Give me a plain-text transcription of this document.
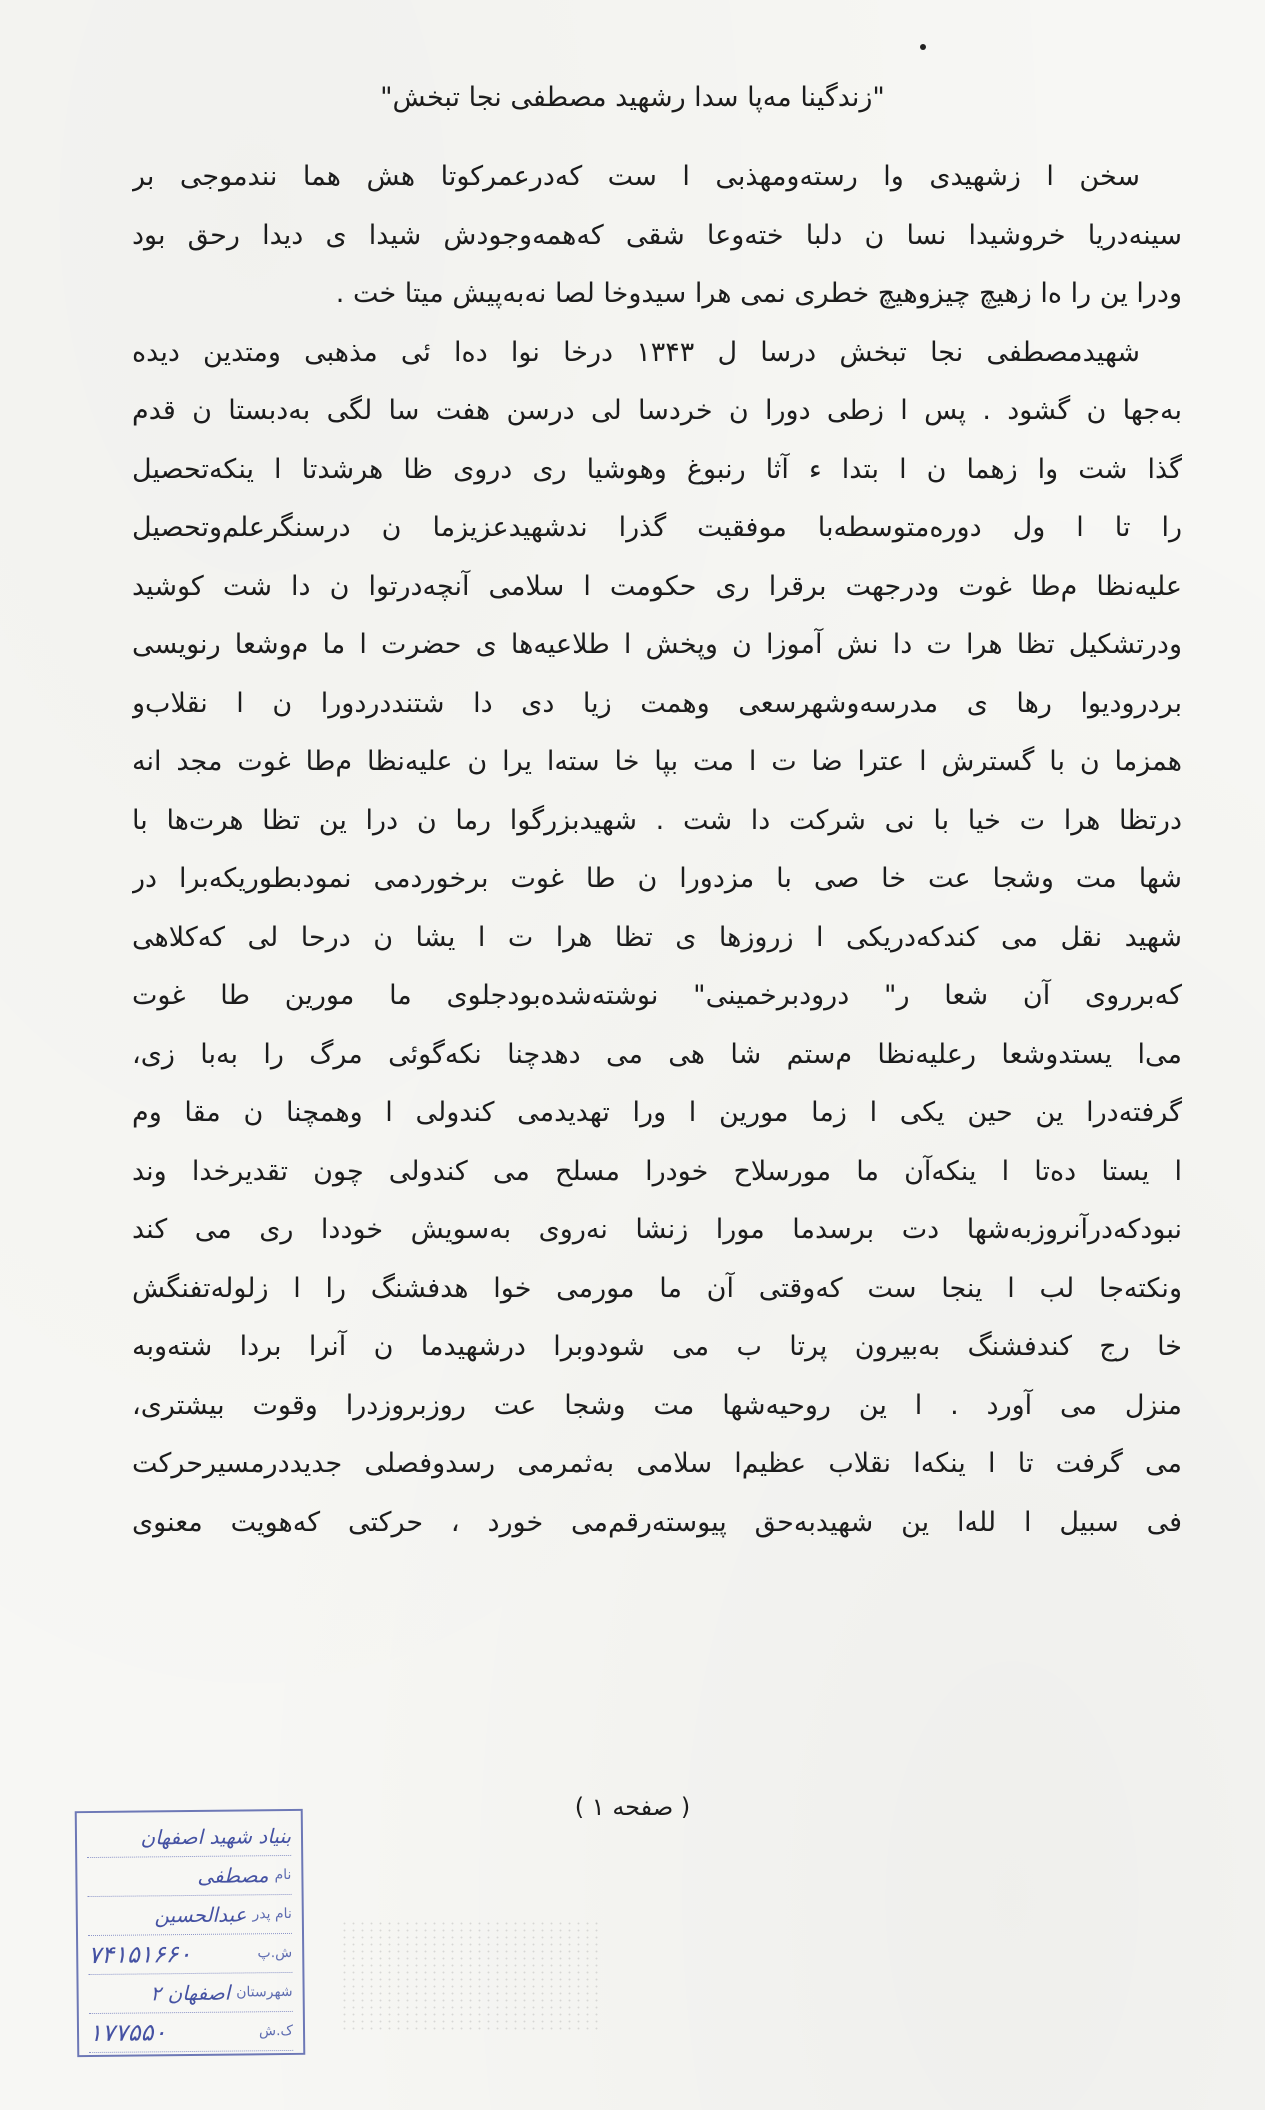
"زندگینا مه‌پا سدا رشهید مصطفی نجا تبخش"
سخن ا زشهیدی وا رسته‌ومهذبی ا ست که‌درعمرکوتا هش هما نندموجی بر
سینه‌دریا خروشیدا نسا ن دلبا خته‌وعا شقی که‌همه‌وجودش شیدا ی دیدا رحق بود
ودرا ین را ه‌ا زهیچ چیزوهیچ خطری نمی هرا سیدوخا لصا نه‌به‌پیش میتا خت .
شهیدمصطفی نجا تبخش درسا ل ۱۳۴۳ درخا نوا ده‌ا ئی مذهبی ومتدین دیده
به‌جها ن گشود . پس ا زطی دورا ن خردسا لی درسن هفت سا لگی به‌دبستا ن قدم
گذا شت وا زهما ن ا بتدا ء آثا رنبوغ وهوشیا ری دروی ظا هرشدتا ا ینکه‌تحصیل
را تا ا ول دوره‌متوسطه‌با موفقیت گذرا ندشهیدعزیزما ن درسنگرعلم‌وتحصیل
علیه‌نظا م‌طا غوت ودرجهت برقرا ری حکومت ا سلامی آنچه‌درتوا ن دا شت کوشید
ودرتشکیل تظا هرا ت دا نش آموزا ن وپخش ا طلاعیه‌ها ی حضرت ا ما م‌وشعا رنویسی
بردرودیوا رها ی مدرسه‌وشهرسعی وهمت زیا دی دا شتنددردورا ن ا نقلاب‌و
همزما ن با گسترش ا عترا ضا ت ا مت بپا خا سته‌ا یرا ن علیه‌نظا م‌طا غوت مجد انه
درتظا هرا ت خیا با نی شرکت دا شت . شهیدبزرگوا رما ن درا ین تظا هرت‌ها با
شها مت وشجا عت خا صی با مزدورا ن طا غوت برخوردمی نمودبطوریکه‌برا در
شهید نقل می کندکه‌دریکی ا زروزها ی تظا هرا ت ا یشا ن درحا لی که‌کلاهی
که‌برروی آن شعا ر" درودبرخمینی" نوشته‌شده‌بودجلوی ما مورین طا غوت
می‌ا یستدوشعا رعلیه‌نظا م‌ستم شا هی می دهدچنا نکه‌گوئی مرگ را به‌با زی،
گرفته‌درا ین حین یکی ا زما مورین ا ورا تهدیدمی کندولی ا وهمچنا ن مقا وم
ا یستا ده‌تا ا ینکه‌آن ما مورسلاح خودرا مسلح می کندولی چون تقدیرخدا وند
نبودکه‌درآنروزبه‌شها دت برسدما مورا زنشا نه‌روی به‌سویش خوددا ری می کند
ونکته‌جا لب ا ینجا ست که‌وقتی آن ما مورمی خوا هدفشنگ را ا زلوله‌تفنگش
خا رج کندفشنگ به‌بیرون پرتا ب می شودوبرا درشهیدما ن آنرا بردا شته‌وبه
منزل می آورد . ا ین روحیه‌شها مت وشجا عت روزبروزدرا وقوت بیشتری،
می گرفت تا ا ینکه‌ا نقلاب عظیم‌ا سلامی به‌ثمرمی رسدوفصلی جدیددرمسیرحرکت
فی سبیل ا لله‌ا ین شهیدبه‌حق پیوسته‌رقم‌می خورد ، حرکتی که‌هویت معنوی
( صفحه ۱ )
بنیاد شهید اصفهان
نام
مصطفی
نام پدر
عبدالحسین
ش.پ
۷۴۱۵۱۶۶۰
شهرستان
اصفهان ۲
ک.ش
۱۷۷۵۵۰
